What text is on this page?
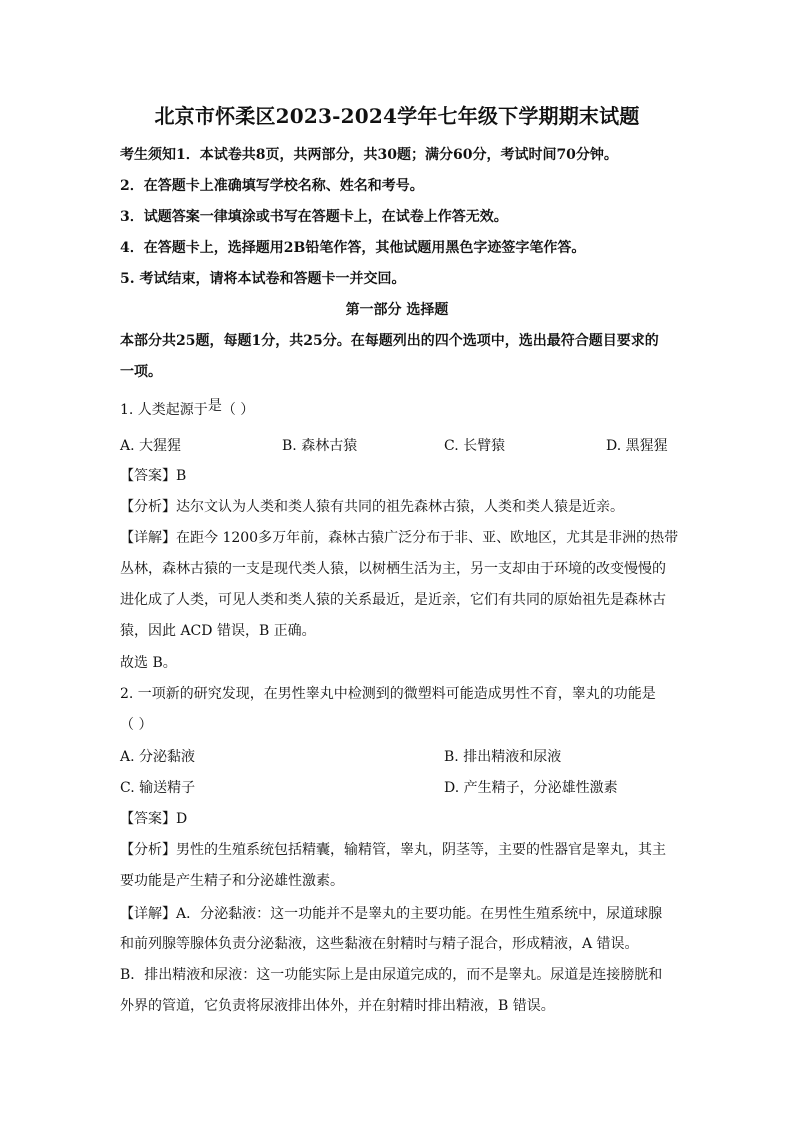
北京市怀柔区2023-2024学年七年级下学期期末试题
考生须知1．本试卷共8页，共两部分，共30题；满分60分，考试时间70分钟。
2．在答题卡上准确填写学校名称、姓名和考号。
3．试题答案一律填涂或书写在答题卡上，在试卷上作答无效。
4．在答题卡上，选择题用2B铅笔作答，其他试题用黑色字迹签字笔作答。
5. 考试结束，请将本试卷和答题卡一并交回。
第一部分 选择题
本部分共25题，每题1分，共25分。在每题列出的四个选项中，选出最符合题目要求的
一项。
1. 人类起源于是（ ）
A. 大猩猩	B. 森林古猿	C. 长臂猿	D. 黑猩猩
【答案】B
【分析】达尔文认为人类和类人猿有共同的祖先森林古猿，人类和类人猿是近亲。
【详解】在距今 1200多万年前，森林古猿广泛分布于非、亚、欧地区，尤其是非洲的热带
丛林，森林古猿的一支是现代类人猿，以树栖生活为主，另一支却由于环境的改变慢慢的
进化成了人类，可见人类和类人猿的关系最近，是近亲，它们有共同的原始祖先是森林古
猿，因此 ACD 错误，B 正确。
故选 B。
2. 一项新的研究发现，在男性睾丸中检测到的微塑料可能造成男性不育，睾丸的功能是
（ ）
A. 分泌黏液	B. 排出精液和尿液
C. 输送精子	D. 产生精子，分泌雄性激素
【答案】D
【分析】男性的生殖系统包括精囊，输精管，睾丸，阴茎等，主要的性器官是睾丸，其主
要功能是产生精子和分泌雄性激素。
【详解】A．分泌黏液：这一功能并不是睾丸的主要功能。在男性生殖系统中，尿道球腺
和前列腺等腺体负责分泌黏液，这些黏液在射精时与精子混合，形成精液，A 错误。
B．排出精液和尿液：这一功能实际上是由尿道完成的，而不是睾丸。尿道是连接膀胱和
外界的管道，它负责将尿液排出体外，并在射精时排出精液，B 错误。
